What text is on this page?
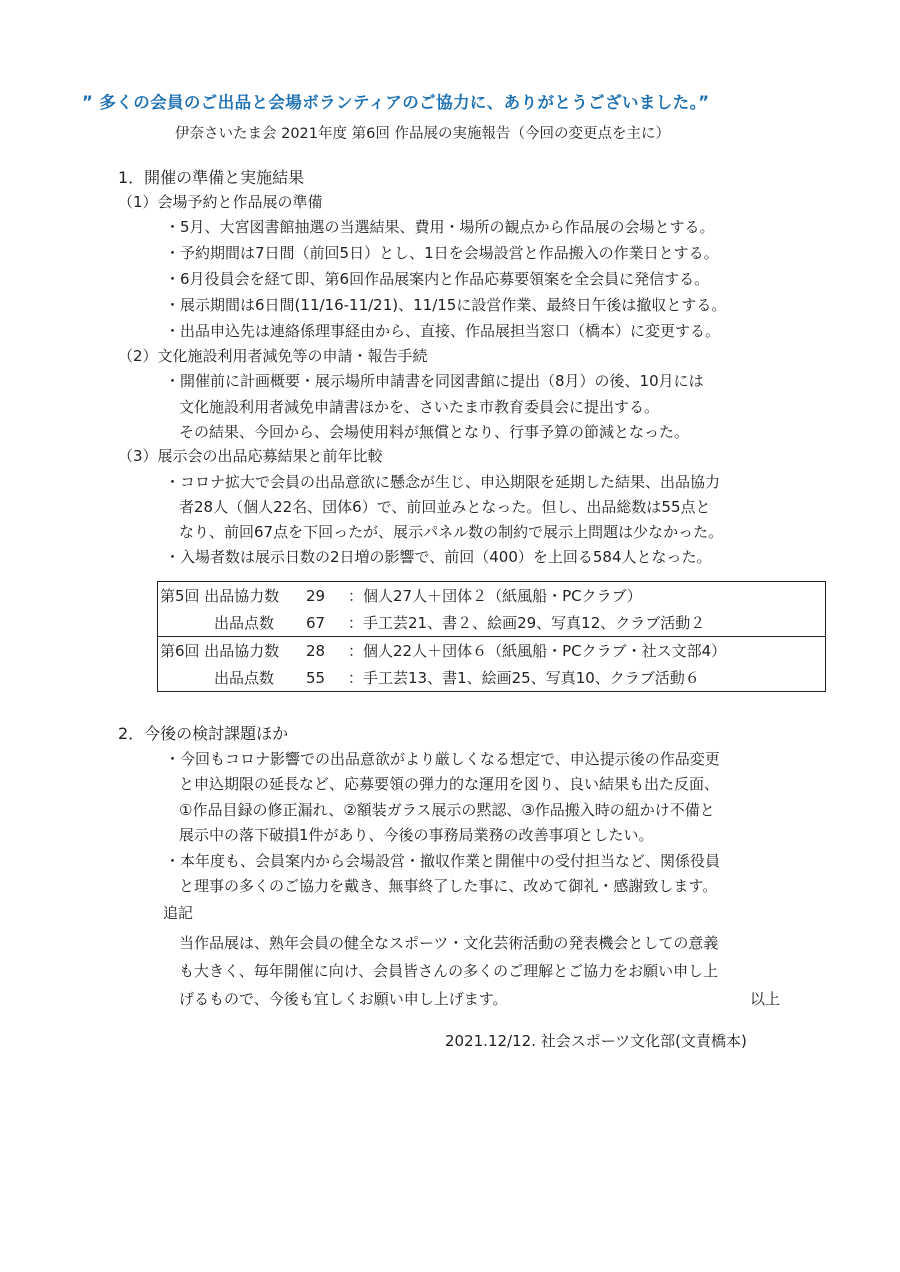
” 多くの会員のご出品と会場ボランティアのご協力に、ありがとうございました。”
伊奈さいたま会 2021年度 第6回 作品展の実施報告（今回の変更点を主に）
1．開催の準備と実施結果
（1）会場予約と作品展の準備
・5月、大宮図書館抽選の当選結果、費用・場所の観点から作品展の会場とする。
・予約期間は7日間（前回5日）とし、1日を会場設営と作品搬入の作業日とする。
・6月役員会を経て即、第6回作品展案内と作品応募要領案を全会員に発信する。
・展示期間は6日間(11/16-11/21)、11/15に設営作業、最終日午後は撤収とする。
・出品申込先は連絡係理事経由から、直接、作品展担当窓口（橋本）に変更する。
（2）文化施設利用者減免等の申請・報告手続
・開催前に計画概要・展示場所申請書を同図書館に提出（8月）の後、10月には
文化施設利用者減免申請書ほかを、さいたま市教育委員会に提出する。
その結果、今回から、会場使用料が無償となり、行事予算の節減となった。
（3）展示会の出品応募結果と前年比較
・コロナ拡大で会員の出品意欲に懸念が生じ、申込期限を延期した結果、出品協力
者28人（個人22名、団体6）で、前回並みとなった。但し、出品総数は55点と
なり、前回67点を下回ったが、展示パネル数の制約で展示上問題は少なかった。
・入場者数は展示日数の2日増の影響で、前回（400）を上回る584人となった。
第5回 出品協力数	29	：個人27人＋団体２（紙風船・PCクラブ）
出品点数	67	：手工芸21、書２、絵画29、写真12、クラブ活動２
第6回 出品協力数	28	：個人22人＋団体６（紙風船・PCクラブ・社ス文部4）
出品点数	55	：手工芸13、書1、絵画25、写真10、クラブ活動６
2．今後の検討課題ほか
・今回もコロナ影響での出品意欲がより厳しくなる想定で、申込提示後の作品変更
と申込期限の延長など、応募要領の弾力的な運用を図り、良い結果も出た反面、
①作品目録の修正漏れ、②額装ガラス展示の黙認、③作品搬入時の紐かけ不備と
展示中の落下破損1件があり、今後の事務局業務の改善事項としたい。
・本年度も、会員案内から会場設営・撤収作業と開催中の受付担当など、関係役員
と理事の多くのご協力を戴き、無事終了した事に、改めて御礼・感謝致します。
追記
当作品展は、熟年会員の健全なスポーツ・文化芸術活動の発表機会としての意義
も大きく、毎年開催に向け、会員皆さんの多くのご理解とご協力をお願い申し上
げるもので、今後も宜しくお願い申し上げます。	以上
2021.12/12. 社会スポーツ文化部(文責橋本)
